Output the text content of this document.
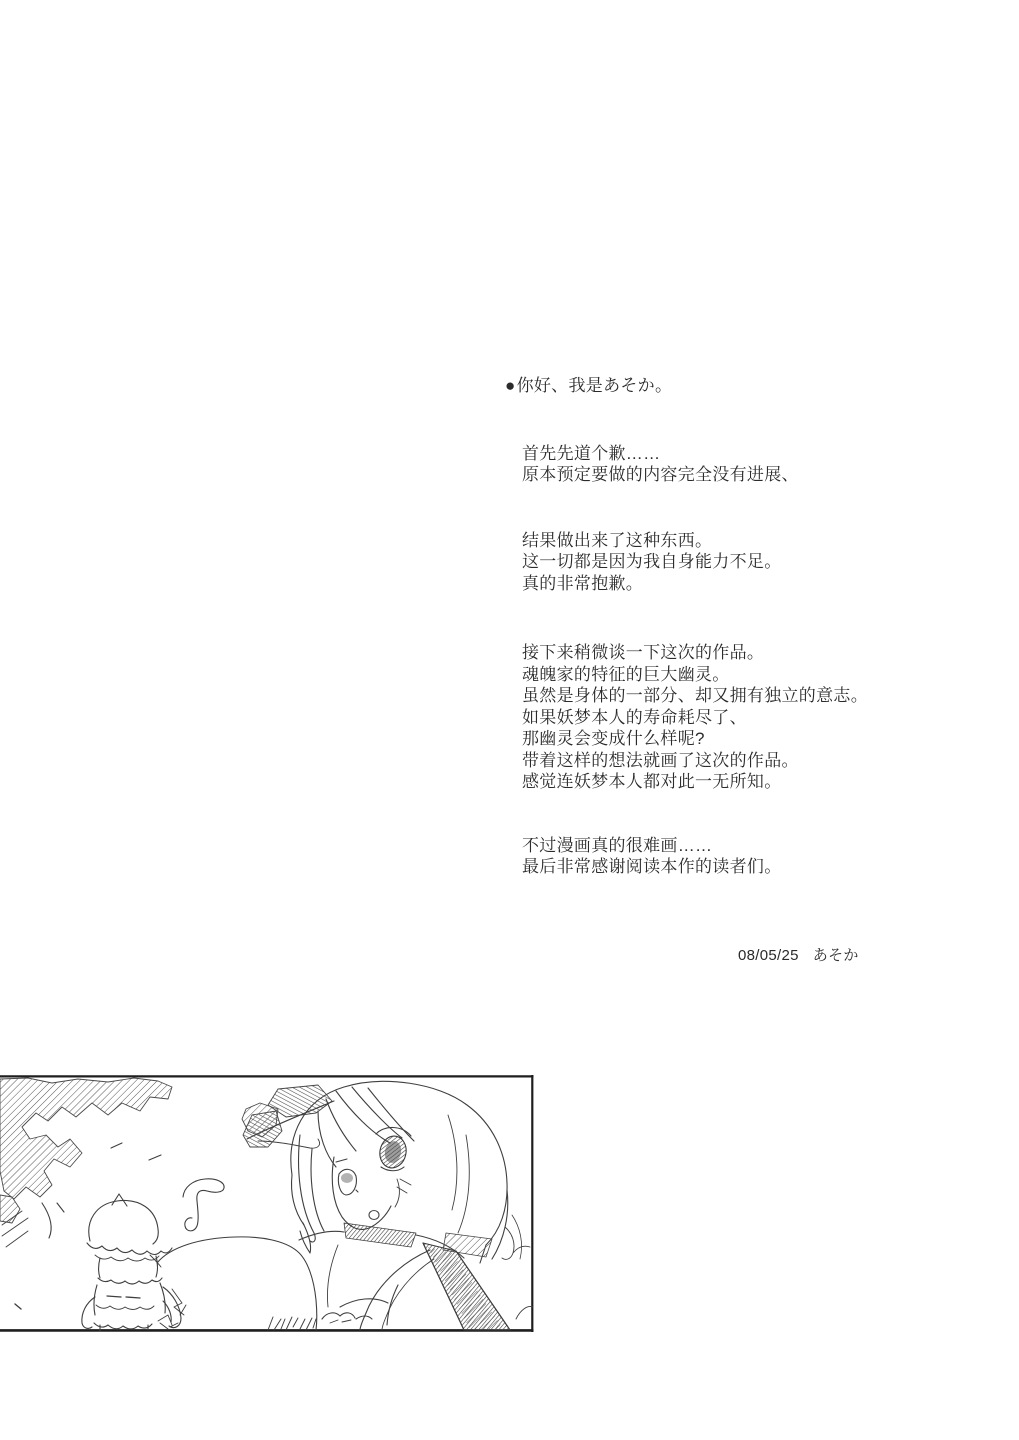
●你好、我是あそか。

首先先道个歉……

原本预定要做的内容完全没有进展、

结果做出来了这种东西。

这一切都是因为我自身能力不足。

真的非常抱歉。

接下来稍微谈一下这次的作品。

魂魄家的特征的巨大幽灵。

虽然是身体的一部分、却又拥有独立的意志。

如果妖梦本人的寿命耗尽了、

那幽灵会变成什么样呢?

带着这样的想法就画了这次的作品。

感觉连妖梦本人都对此一无所知。

不过漫画真的很难画……

最后非常感谢阅读本作的读者们。

08/05/25 あそか
